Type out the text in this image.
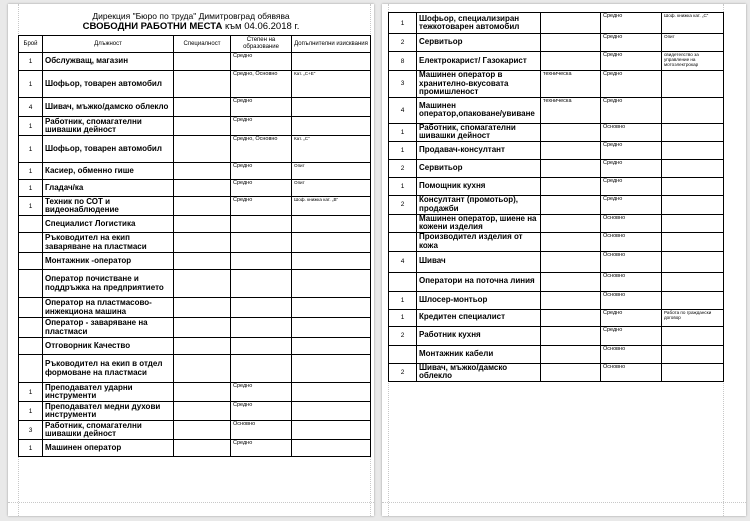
Дирекция "Бюро по труда" Димитровград обявява
СВОБОДНИ РАБОТНИ МЕСТА към 04.06.2018 г.
Брой	Длъжност	Специалност	Степен на образование	Допълнителни изисквания
1	Обслужващ, магазин		Средно	
1	Шофьор, товарен автомобил		Средно, Основно	Кат. „С+Е“
4	Шивач, мъжко/дамско облекло		Средно	
1	Работник, спомагателни шивашки дейност		Средно	
1	Шофьор, товарен автомобил		Средно, Основно	Кат. „С“
1	Касиер, обменно гише		Средно	Опит
1	Гладач/ка		Средно	Опит
1	Техник по СОТ и видеонаблюдение		Средно	Шоф. книжка кат. „В“
	Специалист Логистика			
	Ръководител на екип заваряване на пластмаси			
	Монтажник -оператор			
	Оператор почистване и поддръжка на предприятието			
	Оператор на пластмасово-инжекциона машина			
	Оператор - заваряване на пластмаси			
	Отговорник Качество			
	Ръководител на екип в отдел формоване на пластмаси			
1	Преподавател ударни инструменти		Средно	
1	Преподавател медни духови инструменти		Средно	
3	Работник, спомагателни шивашки дейност		Основно	
1	Машинен оператор		Средно	
1	Шофьор, специализиран тежкотоварен автомобил		Средно	Шоф. книжка кат. „С“
2	Сервитьор		Средно	Опит
8	Електрокарист/ Газокарист		Средно	свидетелство за управление на мотоэлектрокар
3	Машинен оператор в хранително-вкусовата промишленост	техническа	Средно	
4	Машинен оператор,опаковане/увиване	техническа	Средно	
1	Работник, спомагателни шивашки дейност		Основно	
1	Продавач-консултант		Средно	
2	Сервитьор		Средно	
1	Помощник кухня		Средно	
2	Консултант (промотьор), продажби		Средно	
	Машинен оператор, шиене на кожени изделия		Основно	
	Производител изделия от кожа		Основно	
4	Шивач		Основно	
	Оператори на поточна линия		Основно	
1	Шлосер-монтьор		Основно	
1	Кредитен специалист		Средно	Работа по граждански договор
2	Работник кухня		Средно	
	Монтажник кабели		Основно	
2	Шивач, мъжко/дамско облекло		Основно	
